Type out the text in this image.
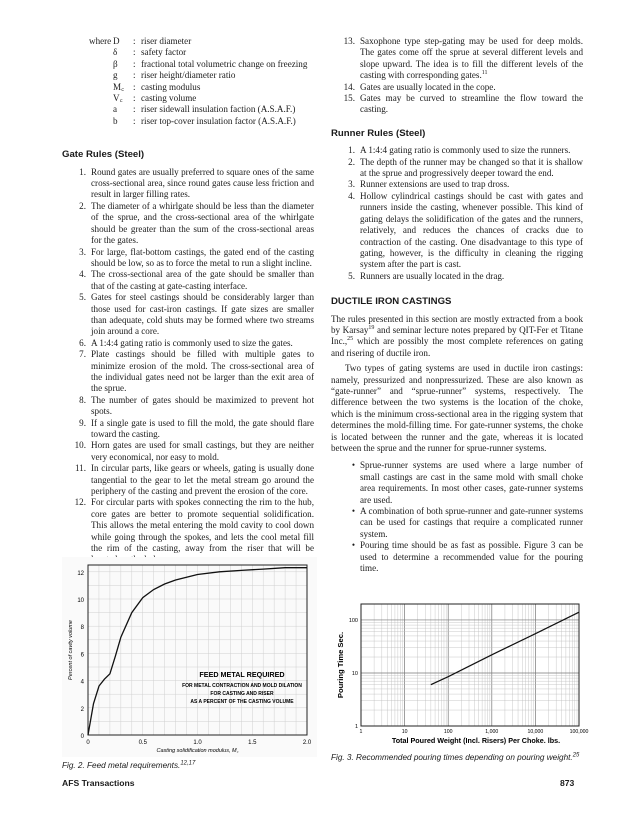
where D	: riser diameter
δ	: safety factor
β	: fractional total volumetric change on freezing
g	: riser height/diameter ratio
M꜀ : casting modulus
V꜀	: casting volume
a	: riser sidewall insulation faction (A.S.A.F.)
b	: riser top-cover insulation factor (A.S.A.F.)
Gate Rules (Steel)
1. Round gates are usually preferred to square ones of the same cross-sectional area, since round gates cause less friction and result in larger filling rates.
2. The diameter of a whirlgate should be less than the diameter of the sprue, and the cross-sectional area of the whirlgate should be greater than the sum of the cross-sectional areas for the gates.
3. For large, flat-bottom castings, the gated end of the casting should be low, so as to force the metal to run a slight incline.
4. The cross-sectional area of the gate should be smaller than that of the casting at gate-casting interface.
5. Gates for steel castings should be considerably larger than those used for cast-iron castings. If gate sizes are smaller than adequate, cold shuts may be formed where two streams join around a core.
6. A 1:4:4 gating ratio is commonly used to size the gates.
7. Plate castings should be filled with multiple gates to minimize erosion of the mold. The cross-sectional area of the individual gates need not be larger than the exit area of the sprue.
8. The number of gates should be maximized to prevent hot spots.
9. If a single gate is used to fill the mold, the gate should flare toward the casting.
10. Horn gates are used for small castings, but they are neither very economical, nor easy to mold.
11. In circular parts, like gears or wheels, gating is usually done tangential to the gear to let the metal stream go around the periphery of the casting and prevent the erosion of the core.
12. For circular parts with spokes connecting the rim to the hub, core gates are better to promote sequential solidification. This allows the metal entering the mold cavity to cool down while going through the spokes, and lets the cool metal fill the rim of the casting, away from the riser that will be
13. Saxophone type step-gating may be used for deep molds. The gates come off the sprue at several different levels and slope upward. The idea is to fill the different levels of the casting with corresponding gates.$^{11}$
14. Gates are usually located in the cope.
15. Gates may be curved to streamline the flow toward the casting.
Runner Rules (Steel)
1. A 1:4:4 gating ratio is commonly used to size the runners.
2. The depth of the runner may be changed so that it is shallow at the sprue and progressively deeper toward the end.
3. Runner extensions are used to trap dross.
4. Hollow cylindrical castings should be cast with gates and runners inside the casting, whenever possible. This kind of gating delays the solidification of the gates and the runners, relatively, and reduces the chances of cracks due to contraction of the casting. One disadvantage to this type of gating, however, is the difficulty in cleaning the rigging system after the part is cast.
5. Runners are usually located in the drag.
DUCTILE IRON CASTINGS

The rules presented in this section are mostly extracted from a book by Karsay$^{19}$ and seminar lecture notes prepared by QIT-Fer et Titane Inc.,$^{25}$ which are possibly the most complete references on gating and risering of ductile iron.

Two types of gating systems are used in ductile iron castings: namely, pressurized and nonpressurized. These are also known as “gate-runner” and “sprue-runner” systems, respectively. The difference between the two systems is the location of the choke, which is the minimum cross-sectional area in the rigging system that determines the mold-filling time. For gate-runner systems, the choke is located between the runner and the gate, whereas it is located between the sprue and the runner for sprue-runner systems.

• Sprue-runner systems are used where a large number of small castings are cast in the same mold with small choke area requirements. In most other cases, gate-runner systems are used.
• A combination of both sprue-runner and gate-runner systems can be used for castings that require a complicated runner system.
• Pouring time should be as fast as possible. Figure 3 can be used to determine a recommended value for the pouring time.
0
2
4
6
8
10
12
0	0.5	1.0	1.5	2.0
Percent of cavity volume
Casting solidification modulus, M꜀
FEED METAL REQUIRED
FOR METAL CONTRACTION AND MOLD DILATION
FOR CASTING AND RISER
AS A PERCENT OF THE CASTING VOLUME
Fig. 2. Feed metal requirements.$^{12,17}$
1
10
100
1	10	100	1,000	10,000	100,000
Pouring Time Sec.
Total Poured Weight (Incl. Risers) Per Choke. lbs.
Fig. 3. Recommended pouring times depending on pouring weight.$^{25}$
AFS Transactions	873
